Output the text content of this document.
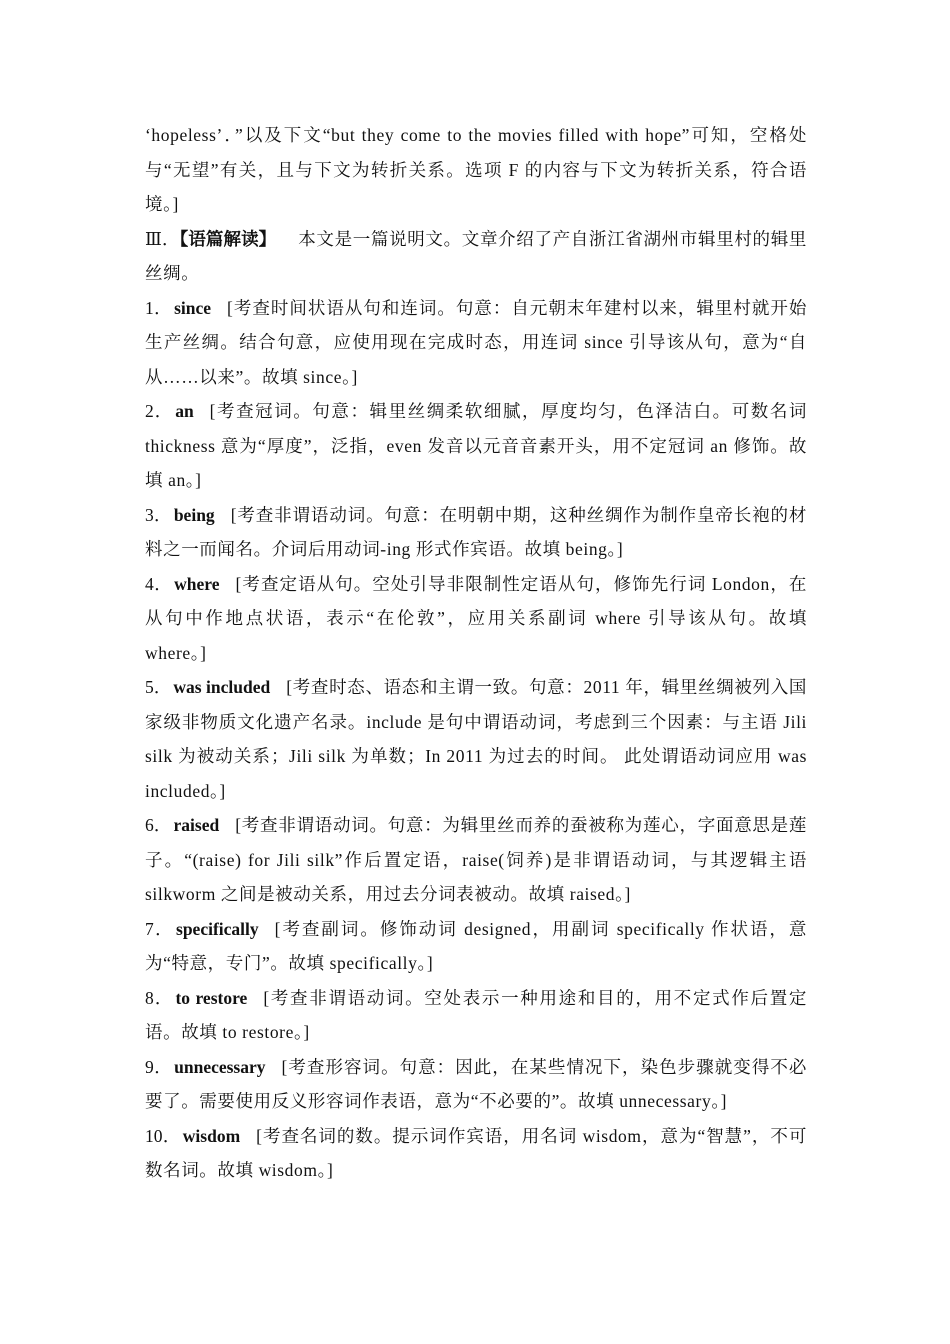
‘hopeless’．”以及下文“but they come to the movies filled with hope”可知，空格处与“无望”有关，且与下文为转折关系。选项 F 的内容与下文为转折关系，符合语境。]

Ⅲ．【语篇解读】 本文是一篇说明文。文章介绍了产自浙江省湖州市辑里村的辑里丝绸。

1． since [考查时间状语从句和连词。句意：自元朝末年建村以来，辑里村就开始生产丝绸。结合句意，应使用现在完成时态，用连词 since 引导该从句，意为“自从……以来”。故填 since。]

2． an [考查冠词。句意：辑里丝绸柔软细腻，厚度均匀，色泽洁白。可数名词 thickness 意为“厚度”，泛指，even 发音以元音音素开头，用不定冠词 an 修饰。故填 an。]

3． being [考查非谓语动词。句意：在明朝中期，这种丝绸作为制作皇帝长袍的材料之一而闻名。介词后用动词-ing 形式作宾语。故填 being。]

4． where [考查定语从句。空处引导非限制性定语从句，修饰先行词 London，在从句中作地点状语，表示“在伦敦”，应用关系副词 where 引导该从句。故填 where。]

5． was included [考查时态、语态和主谓一致。句意：2011 年，辑里丝绸被列入国家级非物质文化遗产名录。include 是句中谓语动词，考虑到三个因素：与主语 Jili silk 为被动关系；Jili silk 为单数；In 2011 为过去的时间。 此处谓语动词应用 was included。]

6． raised [考查非谓语动词。句意：为辑里丝而养的蚕被称为莲心，字面意思是莲子。“(raise) for Jili silk”作后置定语，raise(饲养)是非谓语动词，与其逻辑主语 silkworm 之间是被动关系，用过去分词表被动。故填 raised。]

7． specifically [考查副词。修饰动词 designed，用副词 specifically 作状语，意为“特意，专门”。故填 specifically。]

8． to restore [考查非谓语动词。空处表示一种用途和目的，用不定式作后置定语。故填 to restore。]

9． unnecessary [考查形容词。句意：因此，在某些情况下，染色步骤就变得不必要了。需要使用反义形容词作表语，意为“不必要的”。故填 unnecessary。]

10． wisdom [考查名词的数。提示词作宾语，用名词 wisdom，意为“智慧”，不可数名词。故填 wisdom。]
